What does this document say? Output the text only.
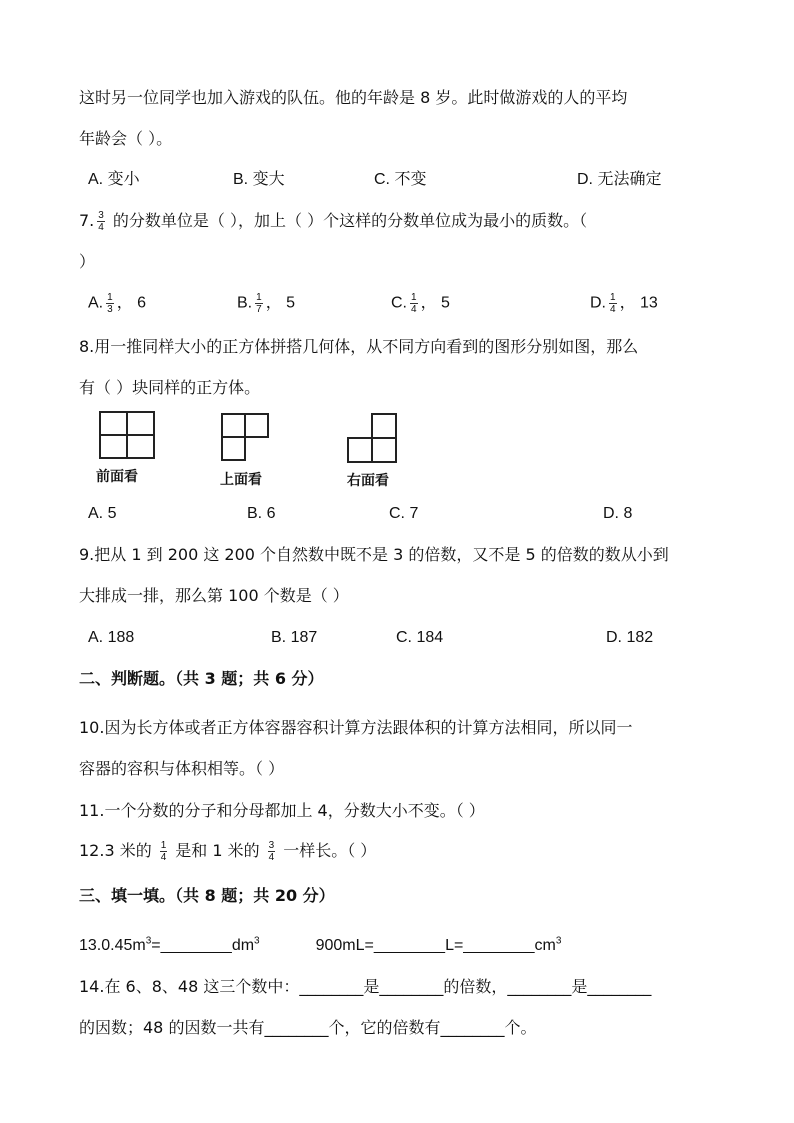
这时另一位同学也加入游戏的队伍。他的年龄是 8 岁。此时做游戏的人的平均
年龄会（ ）。
A. 变小	B. 变大	C. 不变	D. 无法确定
7. $\frac{3}{4}$ 的分数单位是（ ），加上（ ）个这样的分数单位成为最小的质数。（
）
A. $\frac{1}{3}$ ， 6	B. $\frac{1}{7}$ ， 5	C. $\frac{1}{4}$ ， 5	D. $\frac{1}{4}$ ， 13
8.用一推同样大小的正方体拼搭几何体，从不同方向看到的图形分别如图，那么
有（ ）块同样的正方体。
前面看	上面看	右面看
A. 5	B. 6	C. 7	D. 8
9.把从 1 到 200 这 200 个自然数中既不是 3 的倍数，又不是 5 的倍数的数从小到
大排成一排，那么第 100 个数是（ ）
A. 188	B. 187	C. 184	D. 182
二、判断题。（共 3 题；共 6 分）
10.因为长方体或者正方体容器容积计算方法跟体积的计算方法相同，所以同一
容器的容积与体积相等。（ ）
11.一个分数的分子和分母都加上 4，分数大小不变。（ ）
12.3 米的 $\frac{1}{4}$ 是和 1 米的 $\frac{3}{4}$ 一样长。（ ）
三、填一填。（共 8 题；共 20 分）
$13.0.45m^3=\_\_\_\_\_\_\_\_dm^3$	$900mL=\_\_\_\_\_\_\_\_L=\_\_\_\_\_\_\_\_cm^3$
14.在 6、8、48 这三个数中：________是________的倍数，________是________
的因数；48 的因数一共有________个，它的倍数有________个。
